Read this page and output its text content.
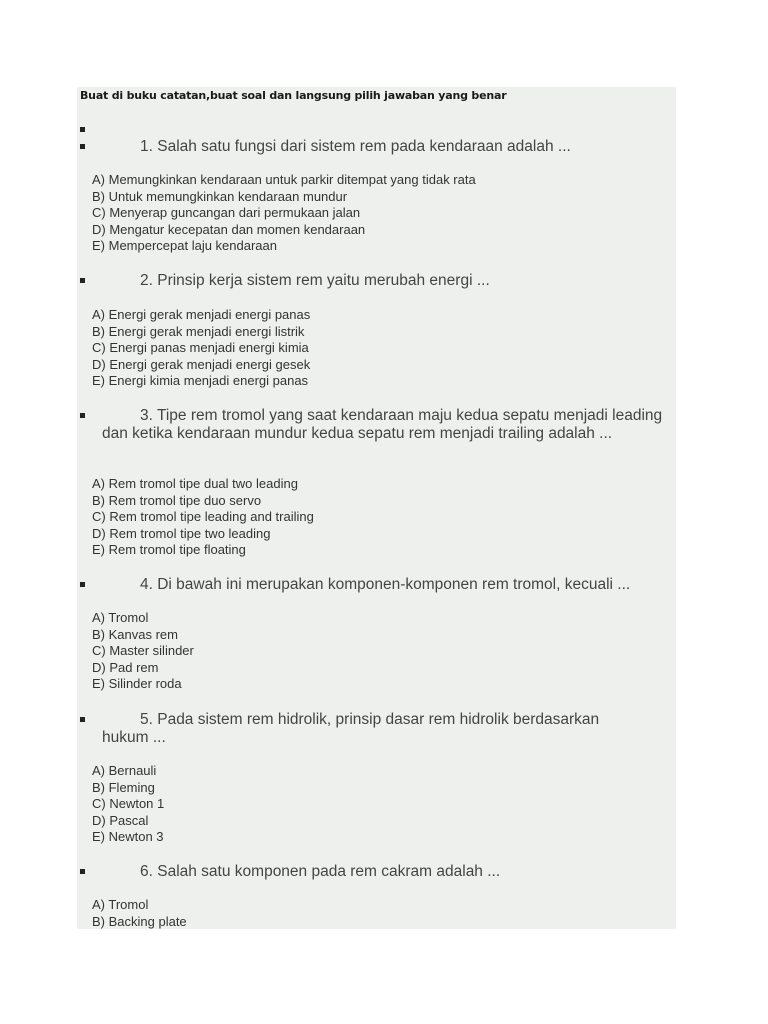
Buat di buku catatan,buat soal dan langsung pilih jawaban yang benar
1. Salah satu fungsi dari sistem rem pada kendaraan adalah ...
A) Memungkinkan kendaraan untuk parkir ditempat yang tidak rata
B) Untuk memungkinkan kendaraan mundur
C) Menyerap guncangan dari permukaan jalan
D) Mengatur kecepatan dan momen kendaraan
E) Mempercepat laju kendaraan
2. Prinsip kerja sistem rem yaitu merubah energi ...
A) Energi gerak menjadi energi panas
B) Energi gerak menjadi energi listrik
C) Energi panas menjadi energi kimia
D) Energi gerak menjadi energi gesek
E) Energi kimia menjadi energi panas
3. Tipe rem tromol yang saat kendaraan maju kedua sepatu menjadi leading dan ketika kendaraan mundur kedua sepatu rem menjadi trailing adalah ...
A) Rem tromol tipe dual two leading
B) Rem tromol tipe duo servo
C) Rem tromol tipe leading and trailing
D) Rem tromol tipe two leading
E) Rem tromol tipe floating
4. Di bawah ini merupakan komponen-komponen rem tromol, kecuali ...
A) Tromol
B) Kanvas rem
C) Master silinder
D) Pad rem
E) Silinder roda
5. Pada sistem rem hidrolik, prinsip dasar rem hidrolik berdasarkan hukum ...
A) Bernauli
B) Fleming
C) Newton 1
D) Pascal
E) Newton 3
6. Salah satu komponen pada rem cakram adalah ...
A) Tromol
B) Backing plate
